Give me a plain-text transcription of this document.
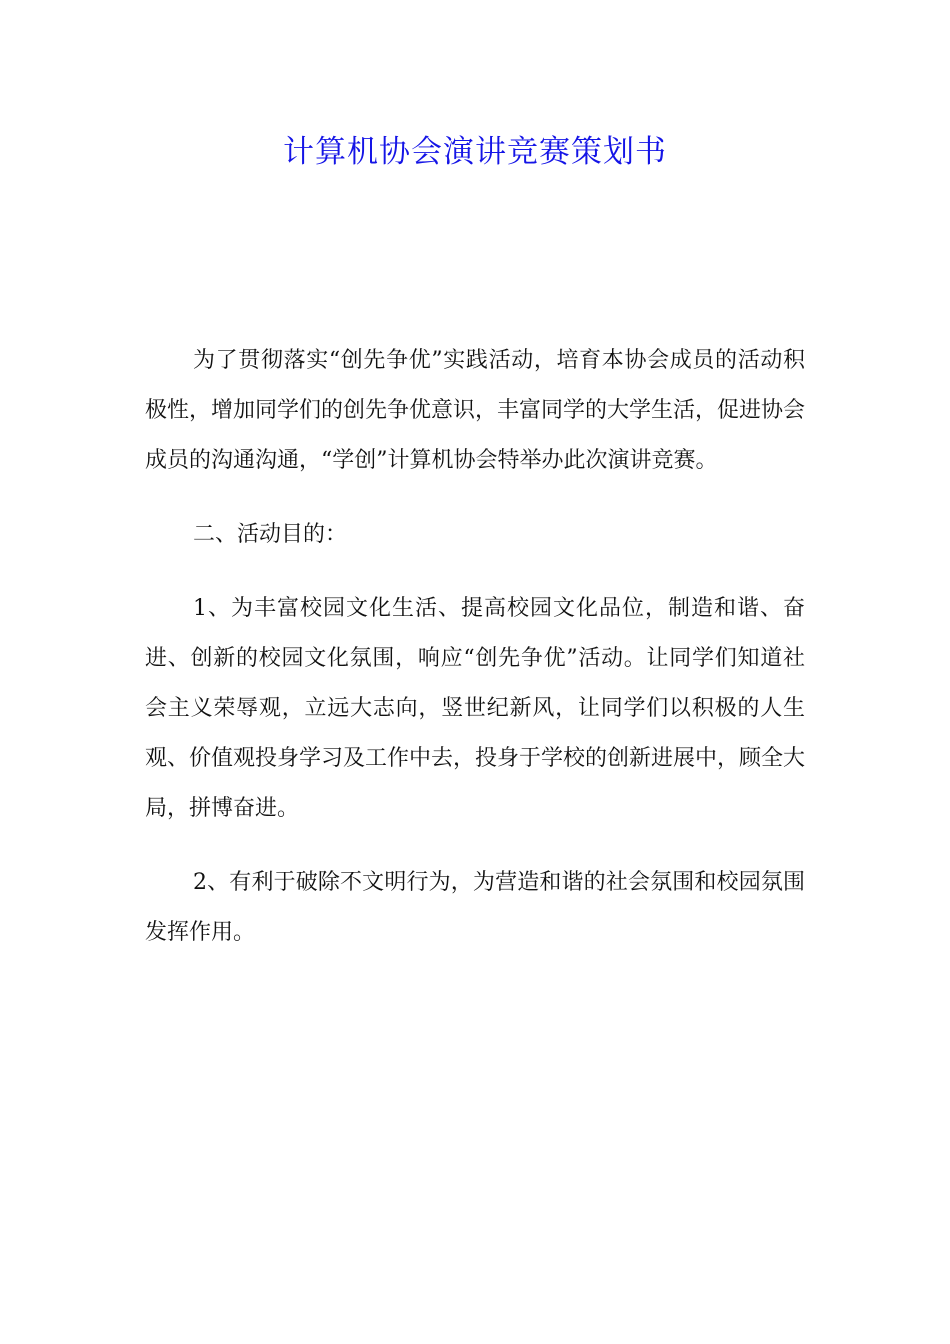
计算机协会演讲竞赛策划书

为了贯彻落实“创先争优”实践活动，培育本协会成员的活动积极性，增加同学们的创先争优意识，丰富同学的大学生活，促进协会成员的沟通沟通，“学创”计算机协会特举办此次演讲竞赛。

二、活动目的：

1、为丰富校园文化生活、提高校园文化品位，制造和谐、奋进、创新的校园文化氛围，响应“创先争优”活动。让同学们知道社会主义荣辱观，立远大志向，竖世纪新风，让同学们以积极的人生观、价值观投身学习及工作中去，投身于学校的创新进展中，顾全大局，拼博奋进。

2、有利于破除不文明行为，为营造和谐的社会氛围和校园氛围发挥作用。
